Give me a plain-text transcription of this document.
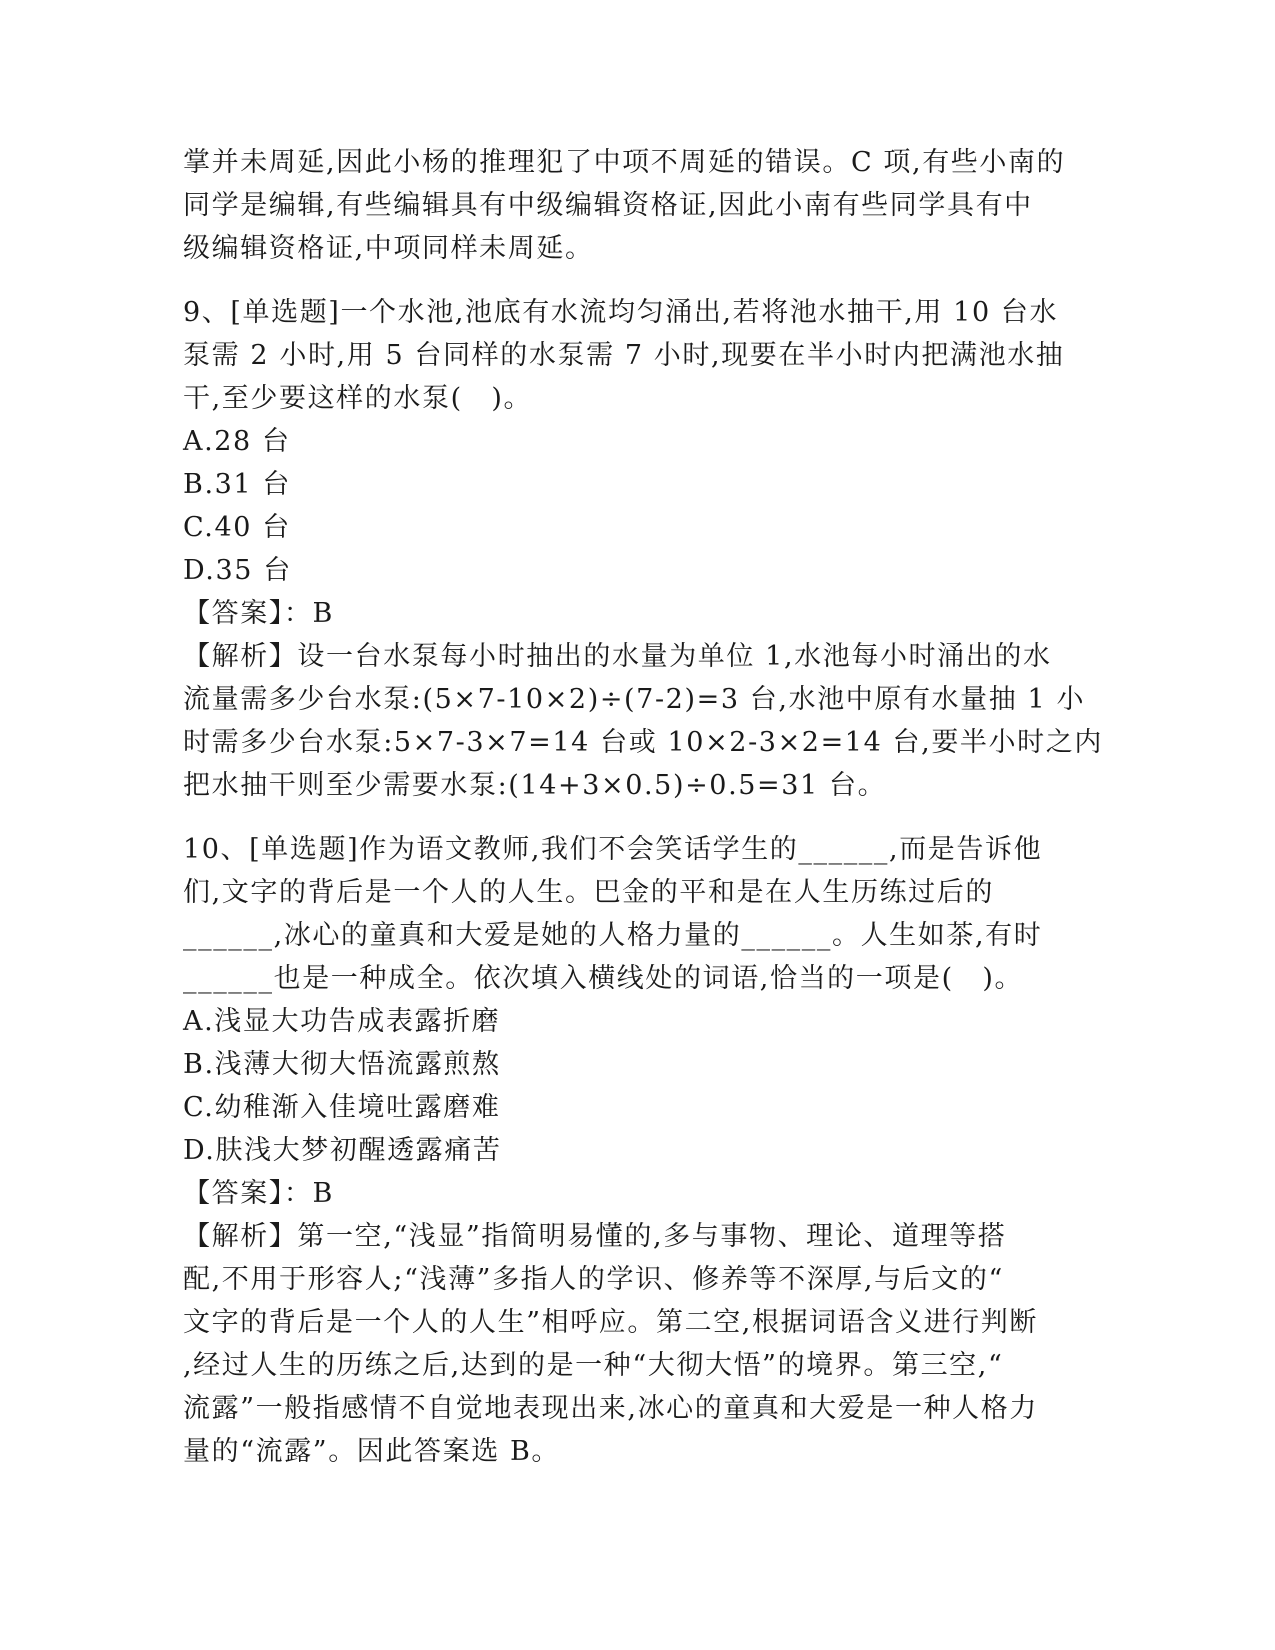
掌并未周延,因此小杨的推理犯了中项不周延的错误。C 项,有些小南的
同学是编辑,有些编辑具有中级编辑资格证,因此小南有些同学具有中
级编辑资格证,中项同样未周延。
9、[单选题]一个水池,池底有水流均匀涌出,若将池水抽干,用 10 台水
泵需 2 小时,用 5 台同样的水泵需 7 小时,现要在半小时内把满池水抽
干,至少要这样的水泵(　)。
A.28 台
B.31 台
C.40 台
D.35 台
【答案】：B
【解析】设一台水泵每小时抽出的水量为单位 1,水池每小时涌出的水
流量需多少台水泵:(5×7-10×2)÷(7-2)=3 台,水池中原有水量抽 1 小
时需多少台水泵:5×7-3×7=14 台或 10×2-3×2=14 台,要半小时之内
把水抽干则至少需要水泵:(14+3×0.5)÷0.5=31 台。
10、[单选题]作为语文教师,我们不会笑话学生的______,而是告诉他
们,文字的背后是一个人的人生。巴金的平和是在人生历练过后的
______,冰心的童真和大爱是她的人格力量的______。人生如茶,有时
______也是一种成全。依次填入横线处的词语,恰当的一项是(　)。
A.浅显大功告成表露折磨
B.浅薄大彻大悟流露煎熬
C.幼稚渐入佳境吐露磨难
D.肤浅大梦初醒透露痛苦
【答案】：B
【解析】第一空,“浅显”指简明易懂的,多与事物、理论、道理等搭
配,不用于形容人;“浅薄”多指人的学识、修养等不深厚,与后文的“
文字的背后是一个人的人生”相呼应。第二空,根据词语含义进行判断
,经过人生的历练之后,达到的是一种“大彻大悟”的境界。第三空,“
流露”一般指感情不自觉地表现出来,冰心的童真和大爱是一种人格力
量的“流露”。因此答案选 B。
